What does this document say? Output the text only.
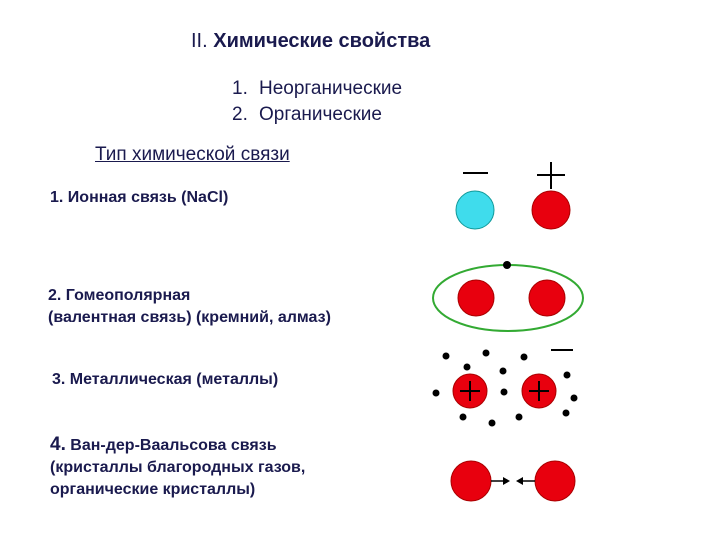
II. Химические свойства
1. Неорганические
2. Органические
Тип химической связи
1. Ионная связь (NaCl)
2. Гомеополярная
(валентная связь) (кремний, алмаз)
3. Металлическая (металлы)
4. Ван-дер-Ваальсова связь
(кристаллы благородных газов,
органические кристаллы)
